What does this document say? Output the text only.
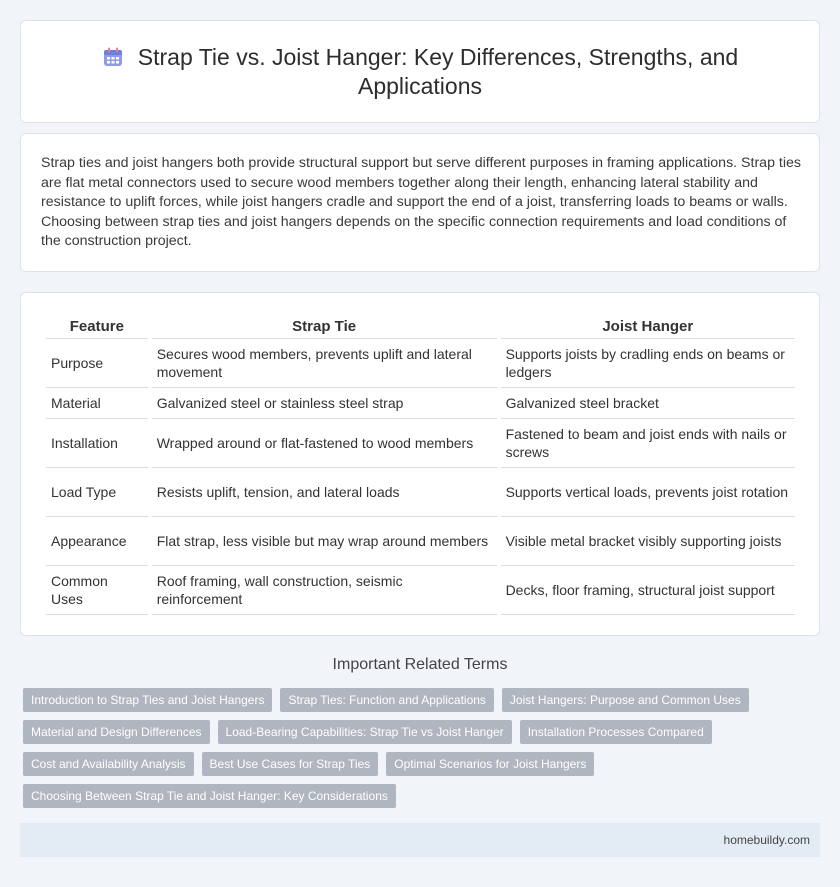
Strap Tie vs. Joist Hanger: Key Differences, Strengths, and Applications

Strap ties and joist hangers both provide structural support but serve different purposes in framing applications. Strap ties are flat metal connectors used to secure wood members together along their length, enhancing lateral stability and resistance to uplift forces, while joist hangers cradle and support the end of a joist, transferring loads to beams or walls. Choosing between strap ties and joist hangers depends on the specific connection requirements and load conditions of the construction project.

Feature	Strap Tie	Joist Hanger
Purpose	Secures wood members, prevents uplift and lateral movement	Supports joists by cradling ends on beams or ledgers
Material	Galvanized steel or stainless steel strap	Galvanized steel bracket
Installation	Wrapped around or flat-fastened to wood members	Fastened to beam and joist ends with nails or screws
Load Type	Resists uplift, tension, and lateral loads	Supports vertical loads, prevents joist rotation
Appearance	Flat strap, less visible but may wrap around members	Visible metal bracket visibly supporting joists
Common Uses	Roof framing, wall construction, seismic reinforcement	Decks, floor framing, structural joist support
Important Related Terms
Introduction to Strap Ties and Joist Hangers	Strap Ties: Function and Applications	Joist Hangers: Purpose and Common Uses
Material and Design Differences	Load-Bearing Capabilities: Strap Tie vs Joist Hanger	Installation Processes Compared
Cost and Availability Analysis	Best Use Cases for Strap Ties	Optimal Scenarios for Joist Hangers
Choosing Between Strap Tie and Joist Hanger: Key Considerations
homebuildy.com
